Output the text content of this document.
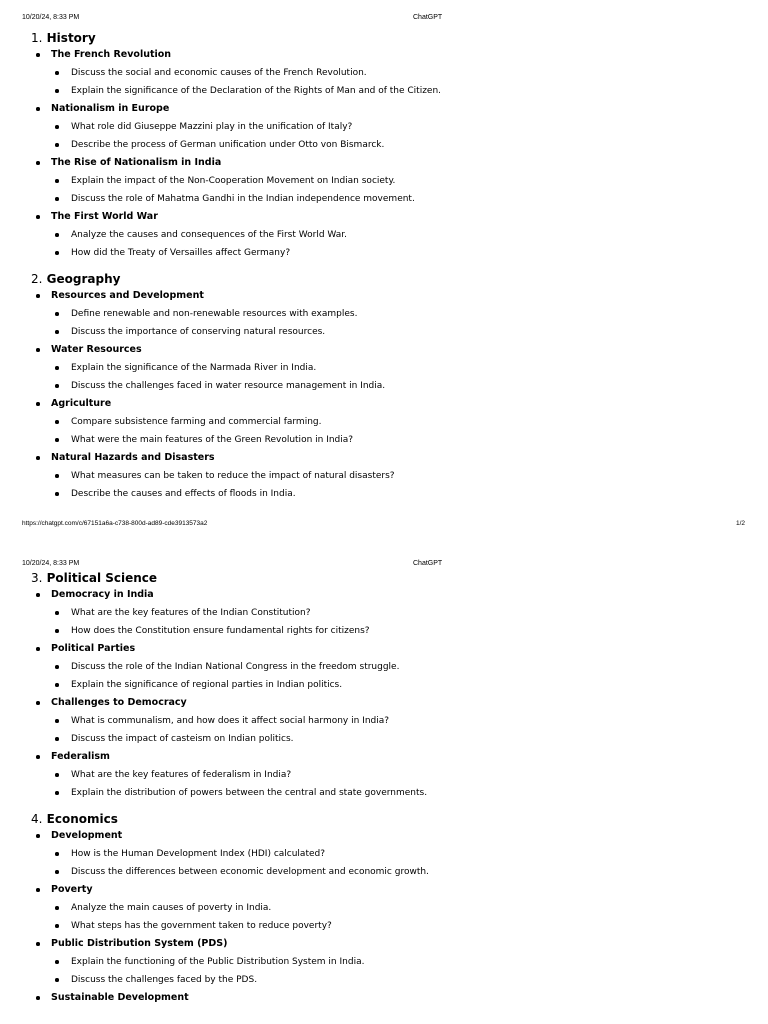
10/20/24, 8:33 PM	ChatGPT
1. History
The French Revolution
Discuss the social and economic causes of the French Revolution.
Explain the significance of the Declaration of the Rights of Man and of the Citizen.
Nationalism in Europe
What role did Giuseppe Mazzini play in the unification of Italy?
Describe the process of German unification under Otto von Bismarck.
The Rise of Nationalism in India
Explain the impact of the Non-Cooperation Movement on Indian society.
Discuss the role of Mahatma Gandhi in the Indian independence movement.
The First World War
Analyze the causes and consequences of the First World War.
How did the Treaty of Versailles affect Germany?
2. Geography
Resources and Development
Define renewable and non-renewable resources with examples.
Discuss the importance of conserving natural resources.
Water Resources
Explain the significance of the Narmada River in India.
Discuss the challenges faced in water resource management in India.
Agriculture
Compare subsistence farming and commercial farming.
What were the main features of the Green Revolution in India?
Natural Hazards and Disasters
What measures can be taken to reduce the impact of natural disasters?
Describe the causes and effects of floods in India.
https://chatgpt.com/c/67151a6a-c738-800d-ad89-cde3913573a2	1/2
10/20/24, 8:33 PM	ChatGPT
3. Political Science
Democracy in India
What are the key features of the Indian Constitution?
How does the Constitution ensure fundamental rights for citizens?
Political Parties
Discuss the role of the Indian National Congress in the freedom struggle.
Explain the significance of regional parties in Indian politics.
Challenges to Democracy
What is communalism, and how does it affect social harmony in India?
Discuss the impact of casteism on Indian politics.
Federalism
What are the key features of federalism in India?
Explain the distribution of powers between the central and state governments.
4. Economics
Development
How is the Human Development Index (HDI) calculated?
Discuss the differences between economic development and economic growth.
Poverty
Analyze the main causes of poverty in India.
What steps has the government taken to reduce poverty?
Public Distribution System (PDS)
Explain the functioning of the Public Distribution System in India.
Discuss the challenges faced by the PDS.
Sustainable Development
